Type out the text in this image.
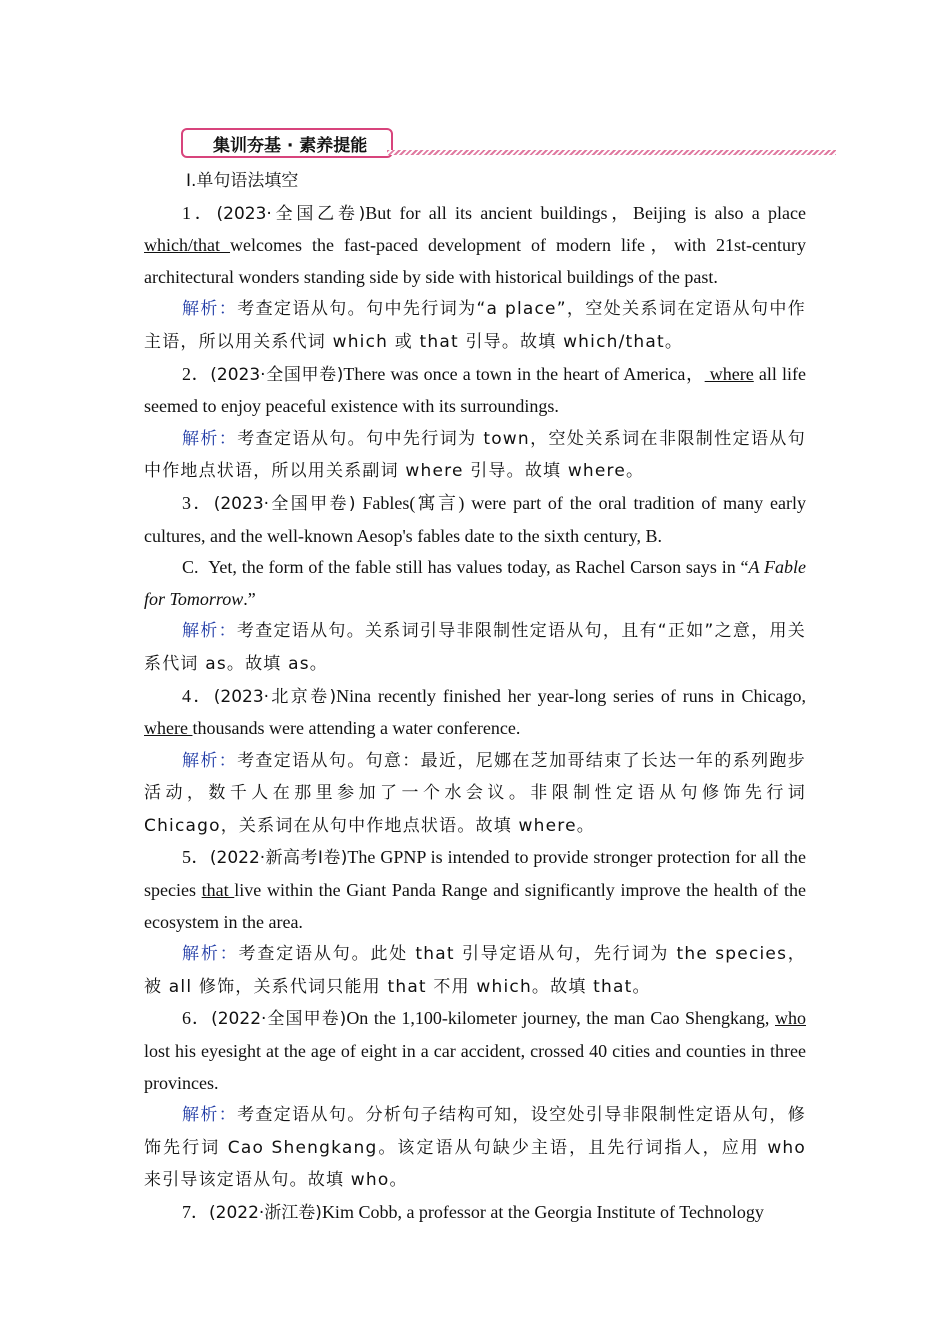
集训夯基 · 素养提能

Ⅰ.单句语法填空

1．(2023·全国乙卷)But for all its ancient buildings，Beijing is also a place which/that welcomes the fast-paced development of modern life，with 21st-century architectural wonders standing side by side with historical buildings of the past.

解析：考查定语从句。句中先行词为“a place”，空处关系词在定语从句中作主语，所以用关系代词 which 或 that 引导。故填 which/that。

2．(2023·全国甲卷)There was once a town in the heart of America， where all life seemed to enjoy peaceful existence with its surroundings.

解析：考查定语从句。句中先行词为 town，空处关系词在非限制性定语从句中作地点状语，所以用关系副词 where 引导。故填 where。

3．(2023·全国甲卷) Fables(寓言) were part of the oral tradition of many early cultures, and the well-known Aesop's fables date to the sixth century, B.

C. Yet, the form of the fable still has values today, as Rachel Carson says in “A Fable for Tomorrow.”

解析：考查定语从句。关系词引导非限制性定语从句，且有“正如”之意，用关系代词 as。故填 as。

4．(2023·北京卷)Nina recently finished her year-long series of runs in Chicago, where thousands were attending a water conference.

解析：考查定语从句。句意：最近，尼娜在芝加哥结束了长达一年的系列跑步活动，数千人在那里参加了一个水会议。非限制性定语从句修饰先行词 Chicago，关系词在从句中作地点状语。故填 where。

5．(2022·新高考Ⅰ卷)The GPNP is intended to provide stronger protection for all the species that live within the Giant Panda Range and significantly improve the health of the ecosystem in the area.

解析：考查定语从句。此处 that 引导定语从句，先行词为 the species，被 all 修饰，关系代词只能用 that 不用 which。故填 that。

6．(2022·全国甲卷)On the 1,100-kilometer journey, the man Cao Shengkang, who lost his eyesight at the age of eight in a car accident, crossed 40 cities and counties in three provinces.

解析：考查定语从句。分析句子结构可知，设空处引导非限制性定语从句，修饰先行词 Cao Shengkang。该定语从句缺少主语，且先行词指人，应用 who 来引导该定语从句。故填 who。

7．(2022·浙江卷)Kim Cobb, a professor at the Georgia Institute of Technology
